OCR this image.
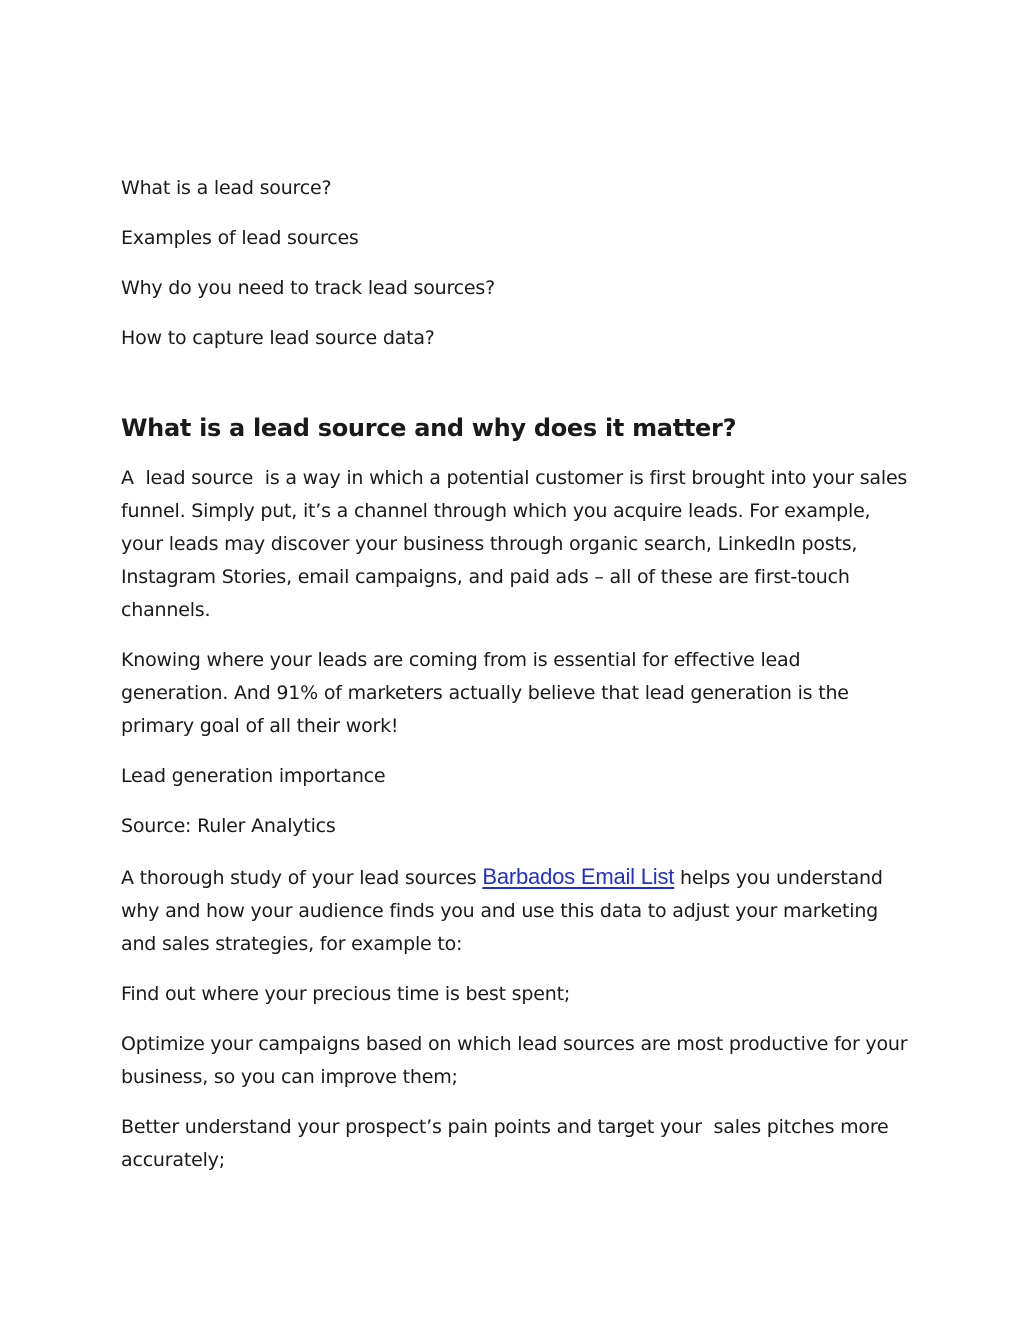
What is a lead source?

Examples of lead sources

Why do you need to track lead sources?

How to capture lead source data?

What is a lead source and why does it matter?

A  lead source  is a way in which a potential customer is first brought into your sales funnel. Simply put, it’s a channel through which you acquire leads. For example, your leads may discover your business through organic search, LinkedIn posts, Instagram Stories, email campaigns, and paid ads – all of these are first-touch channels.

Knowing where your leads are coming from is essential for effective lead generation. And 91% of marketers actually believe that lead generation is the primary goal of all their work!

Lead generation importance

Source: Ruler Analytics

A thorough study of your lead sources Barbados Email List helps you understand why and how your audience finds you and use this data to adjust your marketing and sales strategies, for example to:

Find out where your precious time is best spent;

Optimize your campaigns based on which lead sources are most productive for your business, so you can improve them;

Better understand your prospect’s pain points and target your  sales pitches more accurately;
